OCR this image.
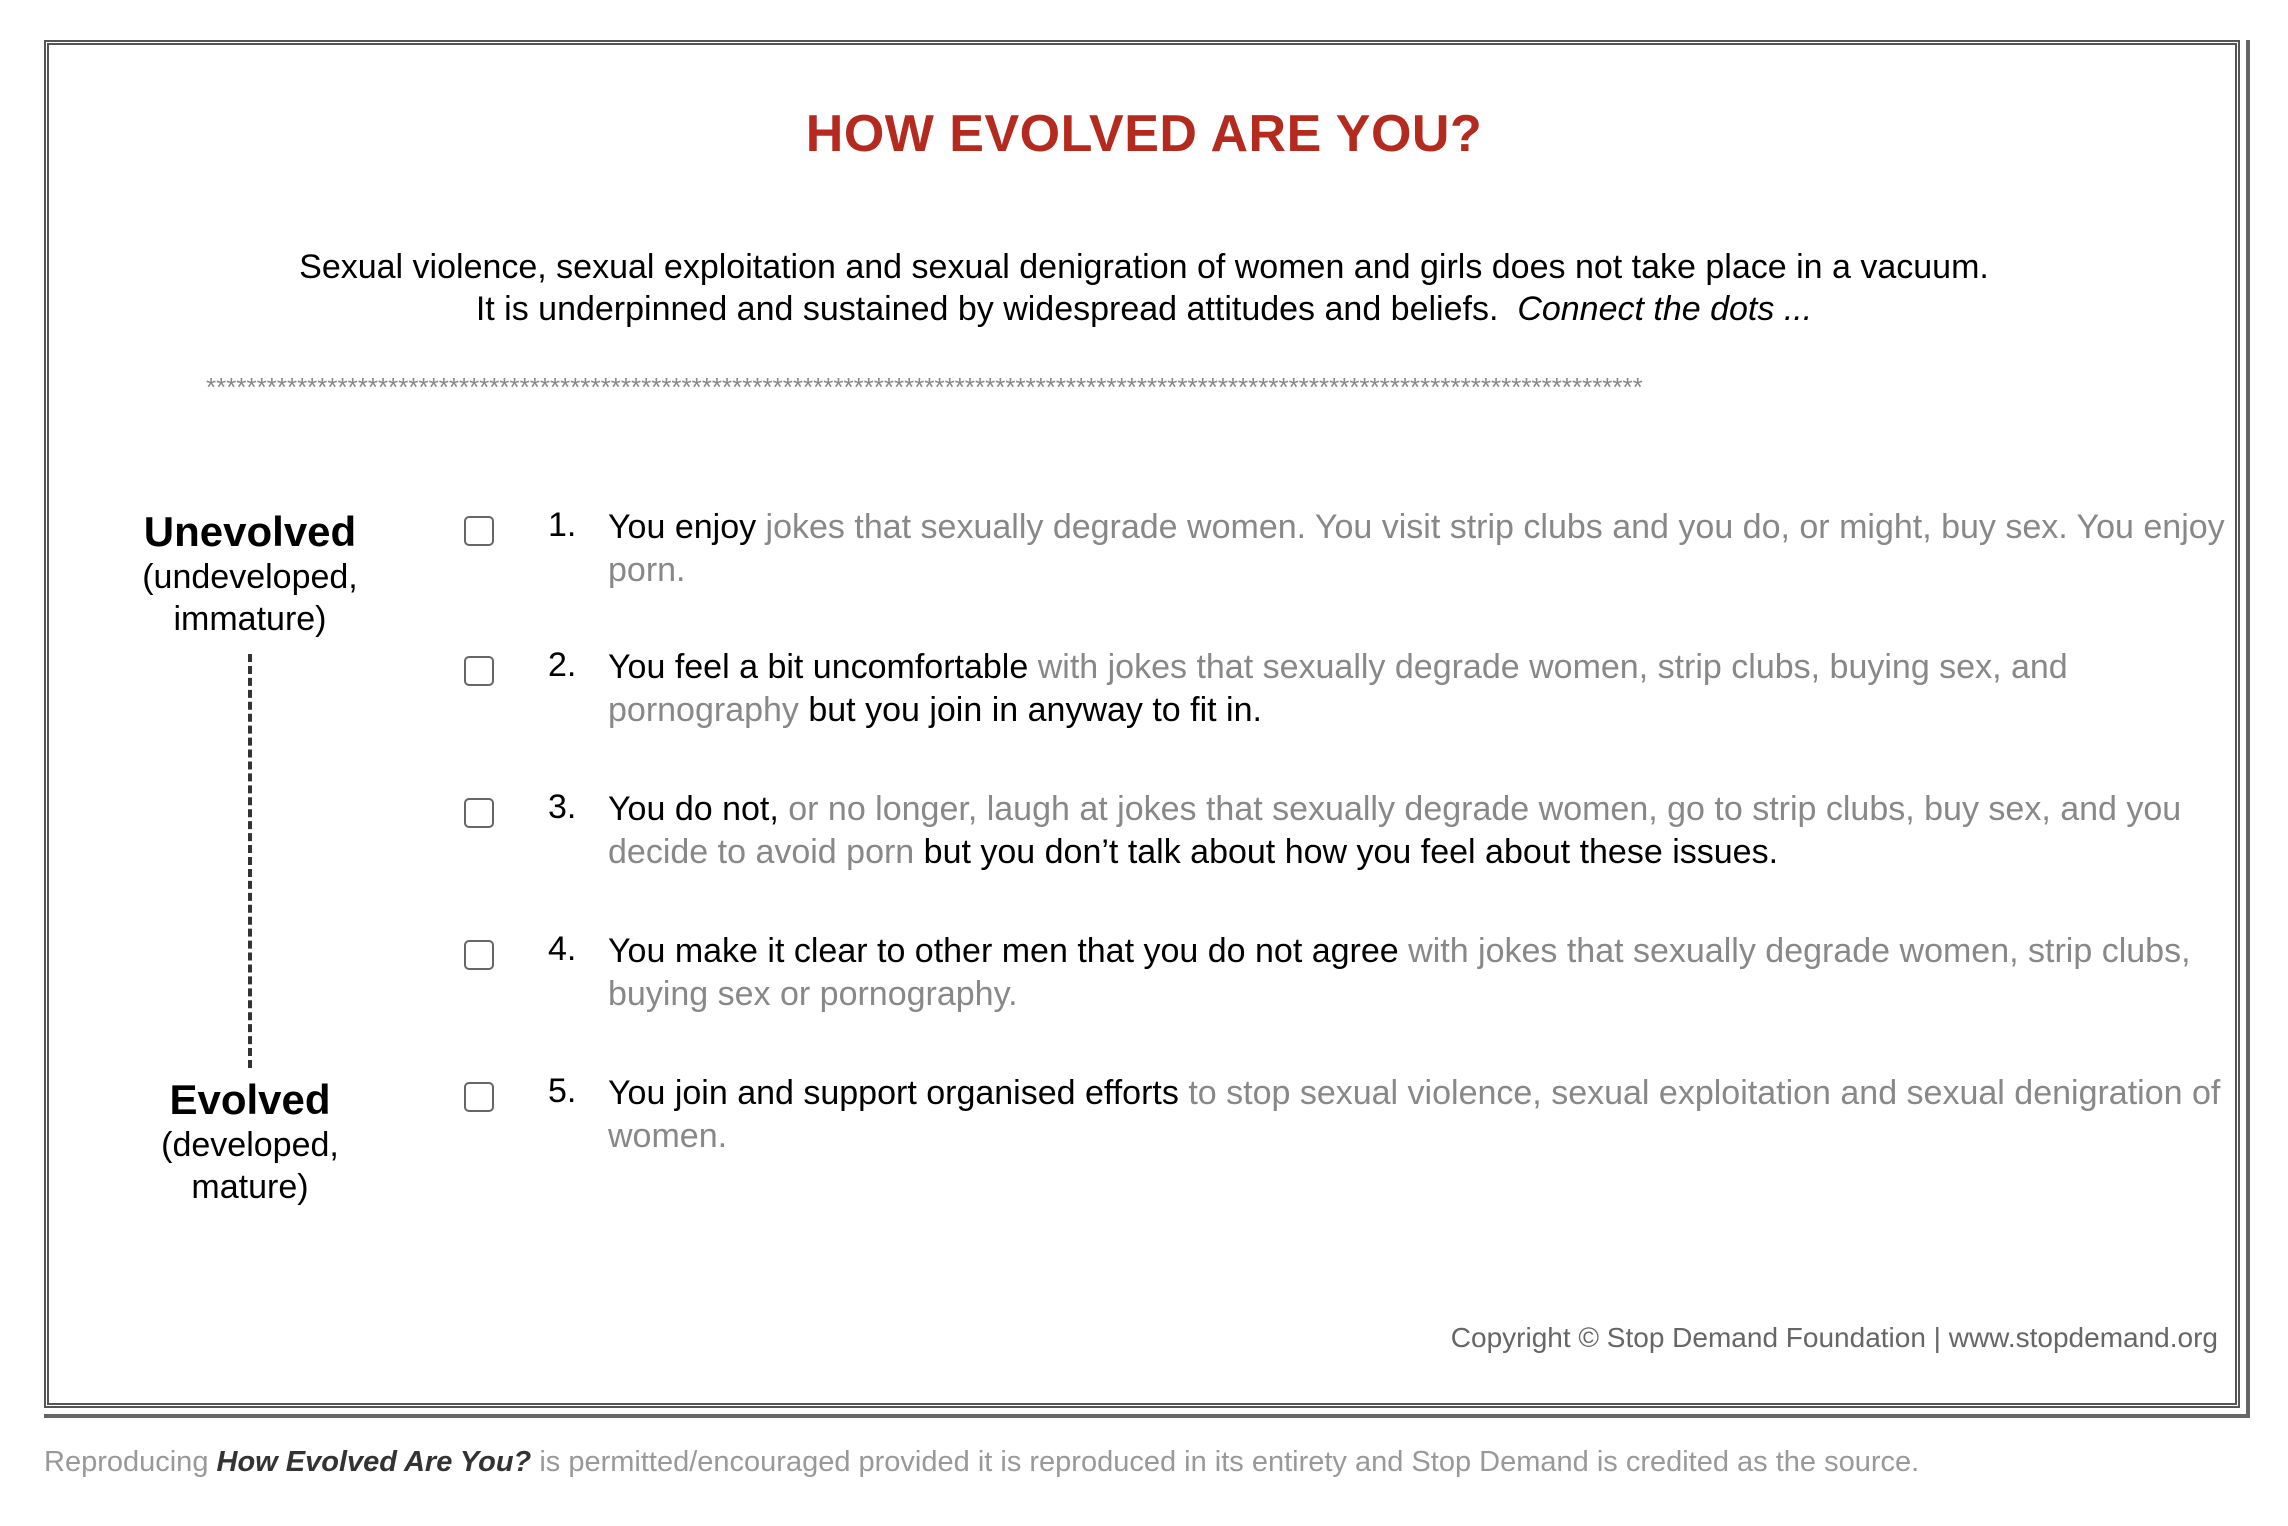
HOW EVOLVED ARE YOU?
Sexual violence, sexual exploitation and sexual denigration of women and girls does not take place in a vacuum.
It is underpinned and sustained by widespread attitudes and beliefs. Connect the dots ...
**********************************************************************************************************************************************
Unevolved
(undeveloped,
immature)
Evolved
(developed,
mature)
1. You enjoy jokes that sexually degrade women. You visit strip clubs and you do, or might, buy sex. You enjoy porn.
2. You feel a bit uncomfortable with jokes that sexually degrade women, strip clubs, buying sex, and pornography but you join in anyway to fit in.
3. You do not, or no longer, laugh at jokes that sexually degrade women, go to strip clubs, buy sex, and you decide to avoid porn but you don’t talk about how you feel about these issues.
4. You make it clear to other men that you do not agree with jokes that sexually degrade women, strip clubs, buying sex or pornography.
5. You join and support organised efforts to stop sexual violence, sexual exploitation and sexual denigration of women.
Copyright © Stop Demand Foundation | www.stopdemand.org
Reproducing How Evolved Are You? is permitted/encouraged provided it is reproduced in its entirety and Stop Demand is credited as the source.
